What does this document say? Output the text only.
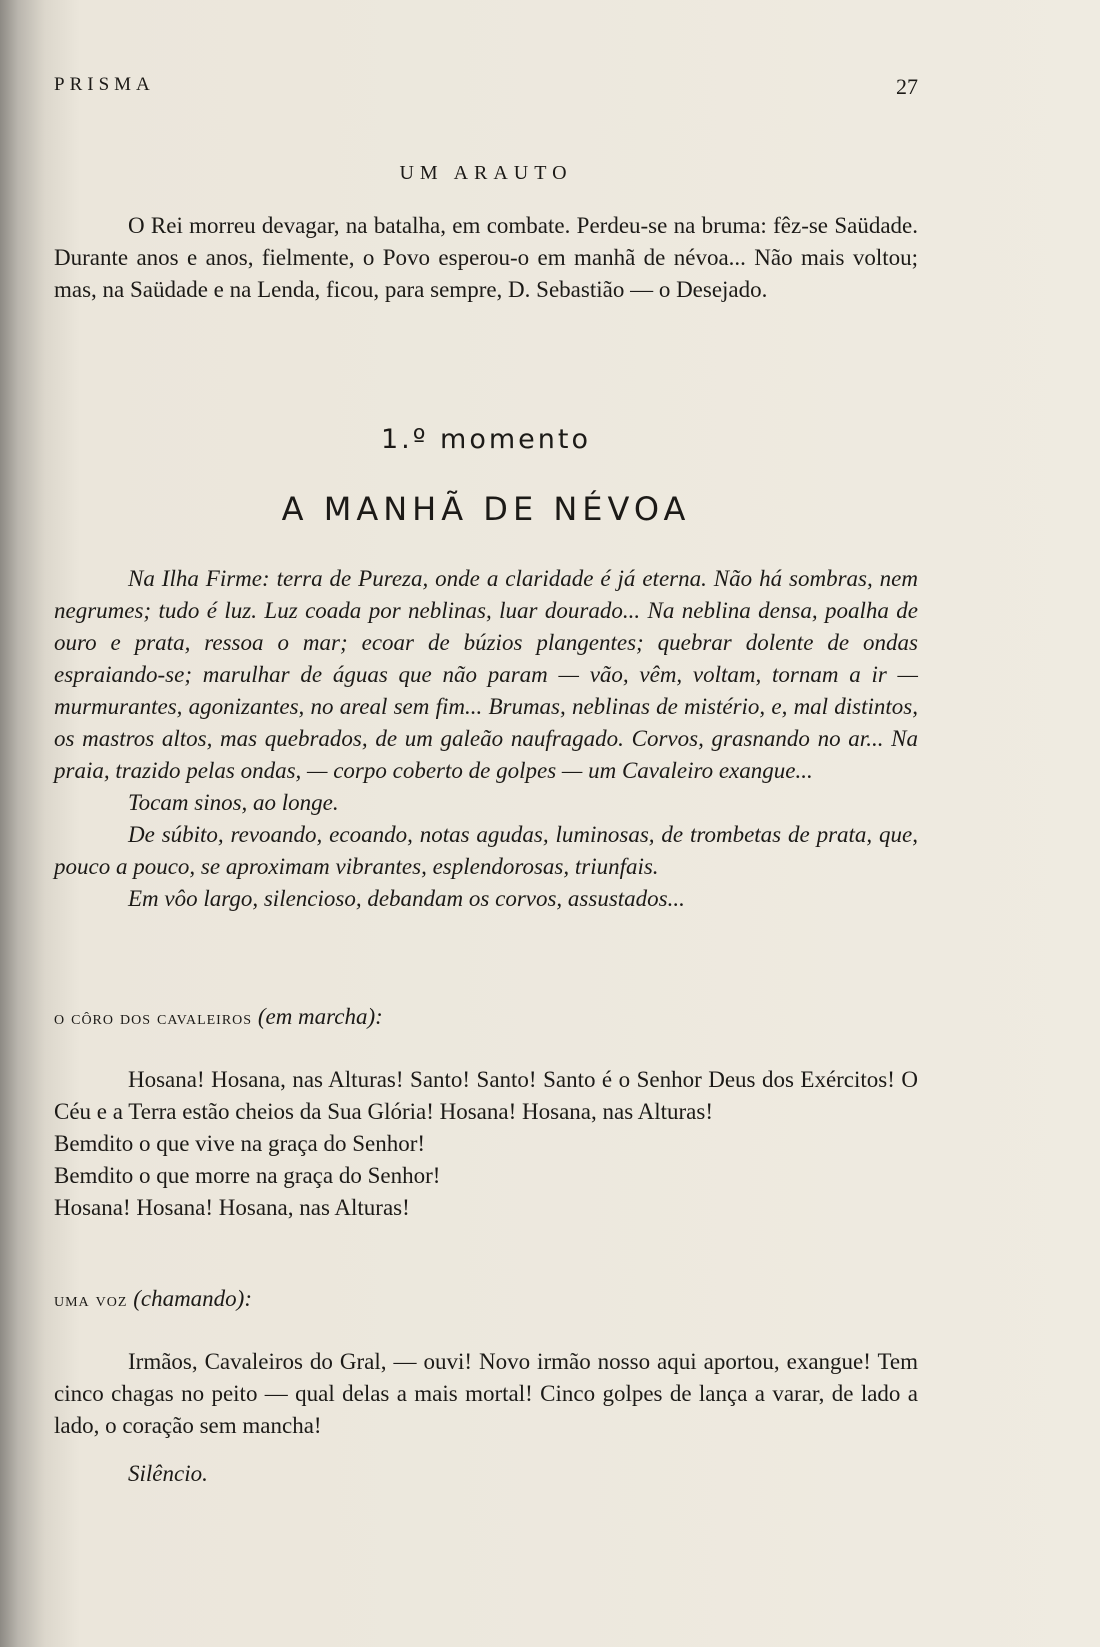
PRISMA	27
UM ARAUTO

O Rei morreu devagar, na batalha, em combate. Perdeu-se na bruma: fêz-se Saüdade. Durante anos e anos, fielmente, o Povo esperou-o em manhã de névoa... Não mais voltou; mas, na Saüdade e na Lenda, ficou, para sempre, D. Sebastião — o Desejado.

1.º momento
A MANHÃ DE NÉVOA

Na Ilha Firme: terra de Pureza, onde a claridade é já eterna. Não há sombras, nem negrumes; tudo é luz. Luz coada por neblinas, luar dourado... Na neblina densa, poalha de ouro e prata, ressoa o mar; ecoar de búzios plangentes; quebrar dolente de ondas espraiando-se; marulhar de águas que não param — vão, vêm, voltam, tornam a ir — murmurantes, agonizantes, no areal sem fim... Brumas, neblinas de mistério, e, mal distintos, os mastros altos, mas quebrados, de um galeão naufragado. Corvos, grasnando no ar... Na praia, trazido pelas ondas, — corpo coberto de golpes — um Cavaleiro exangue...

Tocam sinos, ao longe.

De súbito, revoando, ecoando, notas agudas, luminosas, de trombetas de prata, que, pouco a pouco, se aproximam vibrantes, esplendorosas, triunfais.

Em vôo largo, silencioso, debandam os corvos, assustados...

o côro dos cavaleiros (em marcha):

Hosana! Hosana, nas Alturas! Santo! Santo! Santo é o Senhor Deus dos Exércitos! O Céu e a Terra estão cheios da Sua Glória! Hosana! Hosana, nas Alturas!

Bemdito o que vive na graça do Senhor!

Bemdito o que morre na graça do Senhor!

Hosana! Hosana! Hosana, nas Alturas!

uma voz (chamando):

Irmãos, Cavaleiros do Gral, — ouvi! Novo irmão nosso aqui aportou, exangue! Tem cinco chagas no peito — qual delas a mais mortal! Cinco golpes de lança a varar, de lado a lado, o coração sem mancha!

Silêncio.
